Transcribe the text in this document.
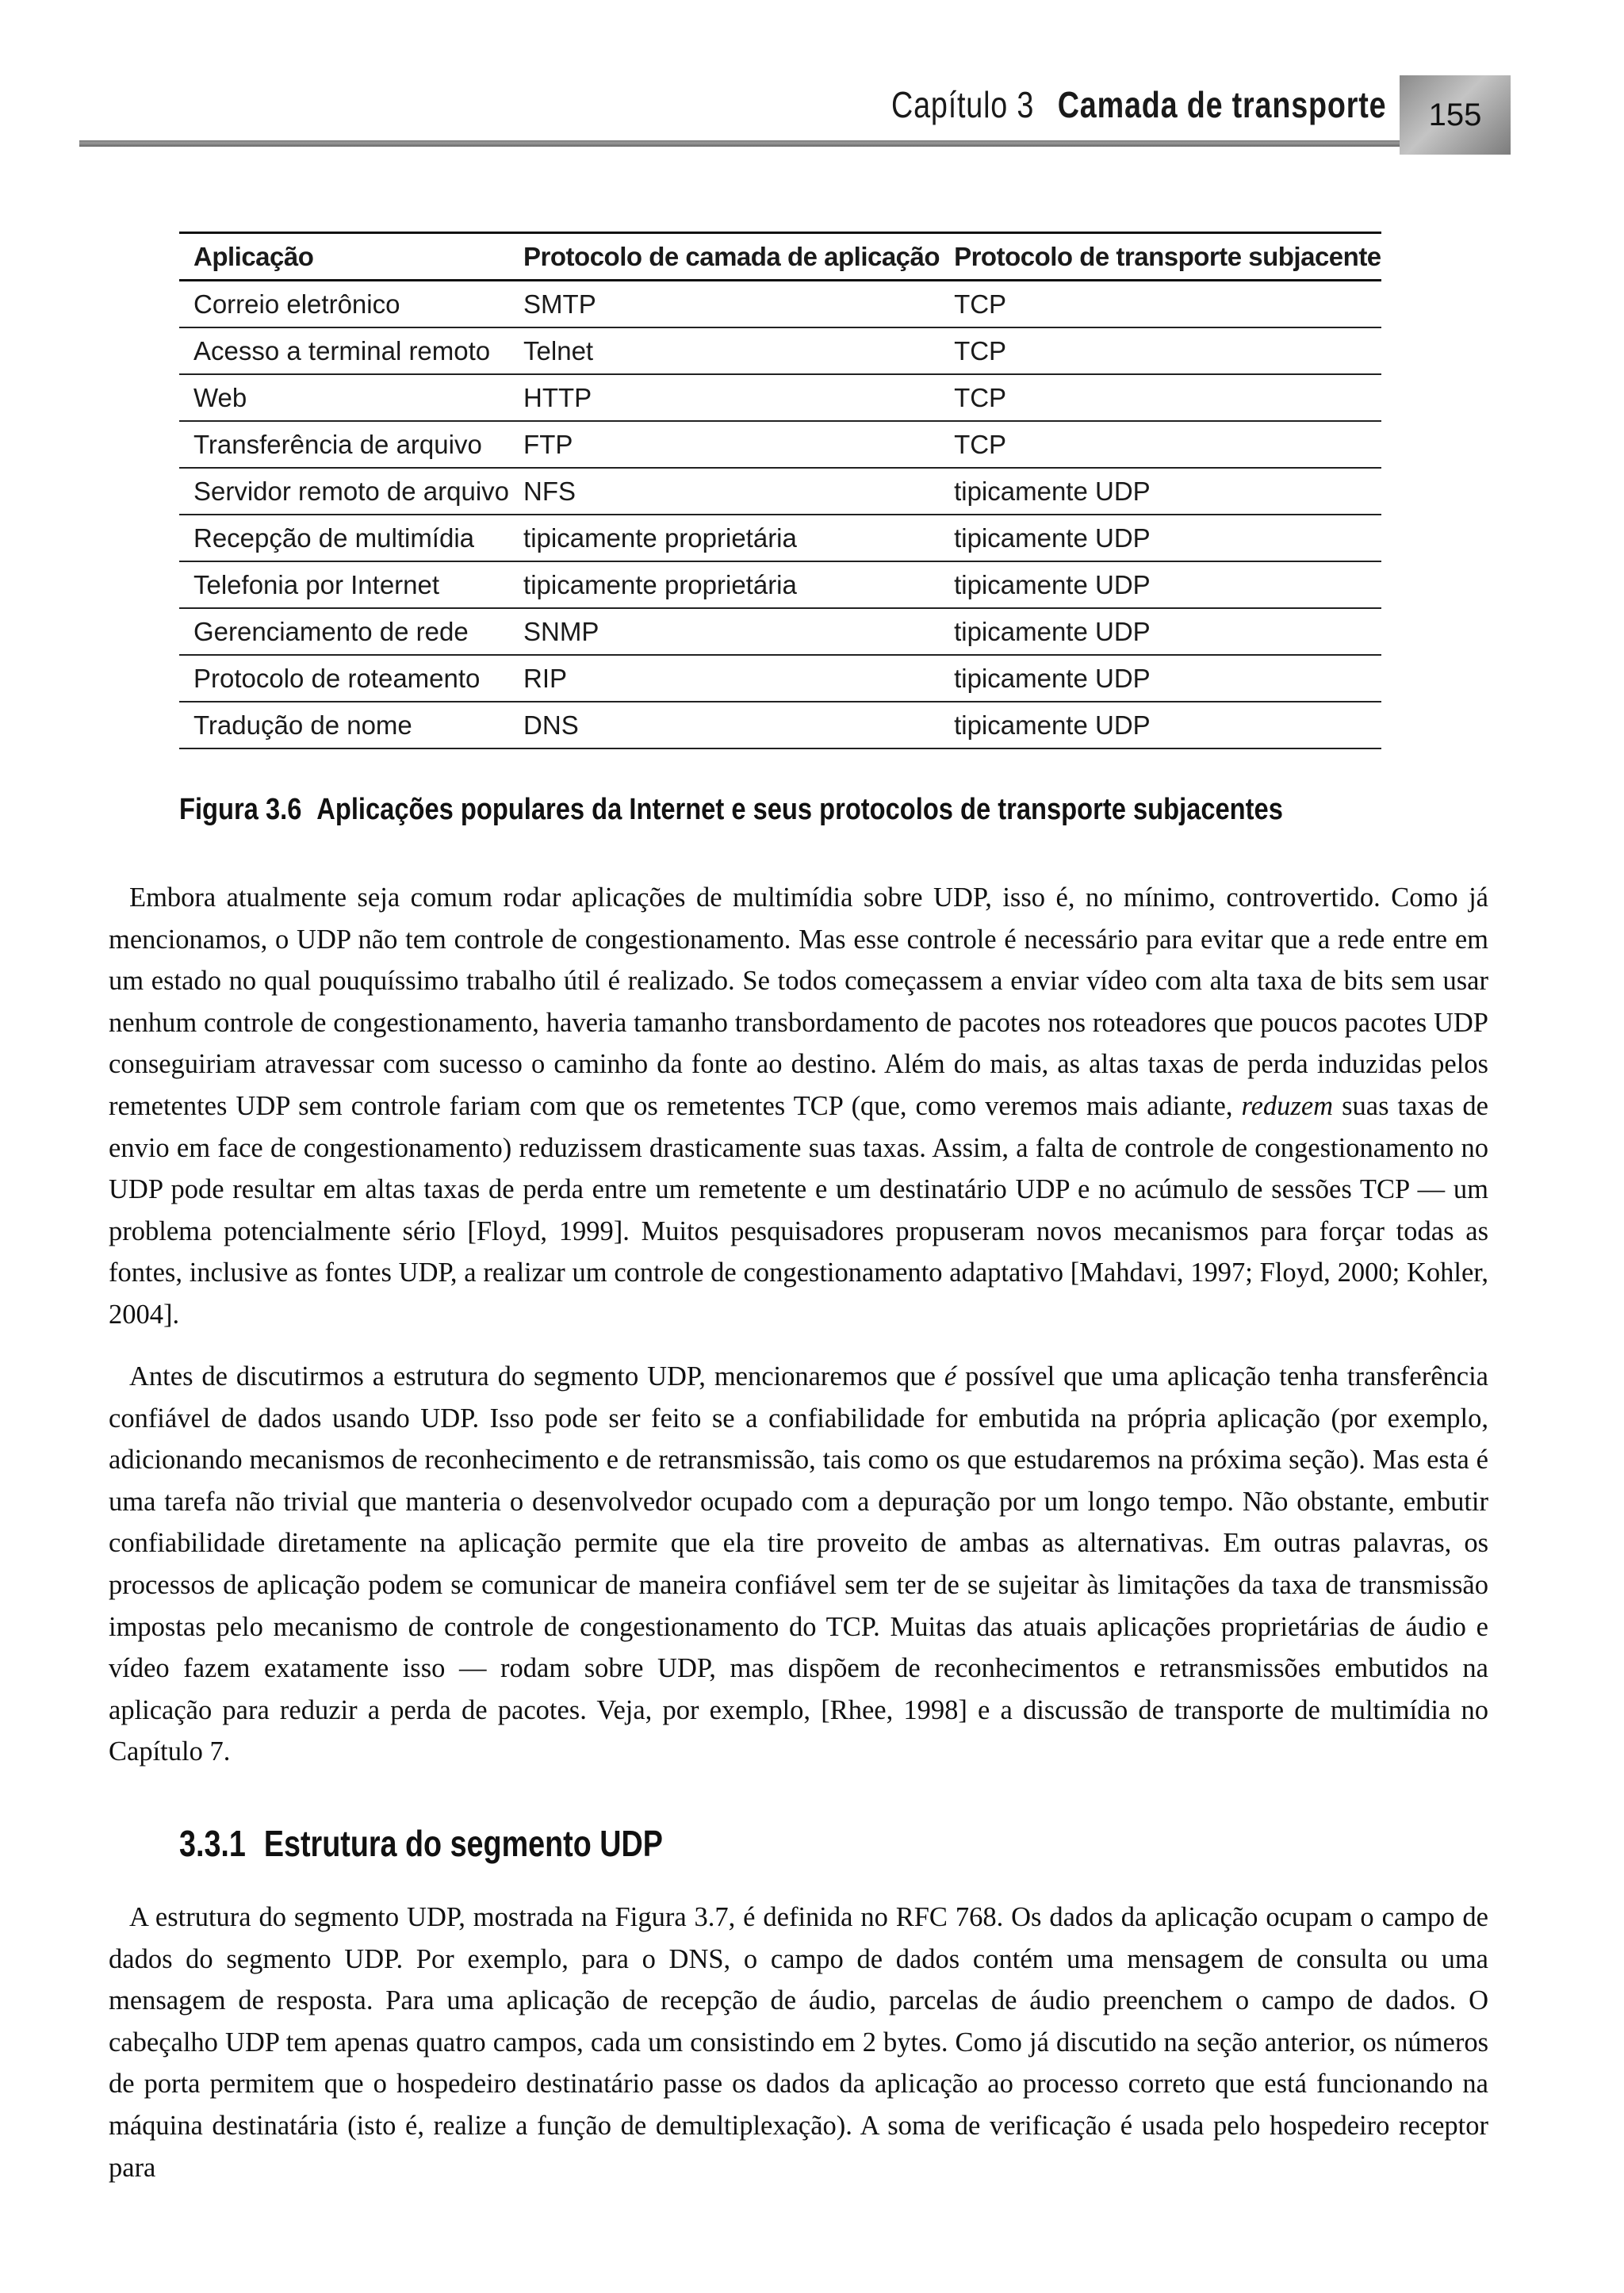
Capítulo 3 Camada de transporte	155
Aplicação	Protocolo de camada de aplicação	Protocolo de transporte subjacente
Correio eletrônico	SMTP	TCP
Acesso a terminal remoto	Telnet	TCP
Web	HTTP	TCP
Transferência de arquivo	FTP	TCP
Servidor remoto de arquivo	NFS	tipicamente UDP
Recepção de multimídia	tipicamente proprietária	tipicamente UDP
Telefonia por Internet	tipicamente proprietária	tipicamente UDP
Gerenciamento de rede	SNMP	tipicamente UDP
Protocolo de roteamento	RIP	tipicamente UDP
Tradução de nome	DNS	tipicamente UDP
Figura 3.6 Aplicações populares da Internet e seus protocolos de transporte subjacentes

Embora atualmente seja comum rodar aplicações de multimídia sobre UDP, isso é, no mínimo, controvertido. Como já mencionamos, o UDP não tem controle de congestionamento. Mas esse controle é necessário para evitar que a rede entre em um estado no qual pouquíssimo trabalho útil é realizado. Se todos começassem a enviar vídeo com alta taxa de bits sem usar nenhum controle de congestionamento, haveria tamanho transbordamento de pacotes nos roteadores que poucos pacotes UDP conseguiriam atravessar com sucesso o caminho da fonte ao destino. Além do mais, as altas taxas de perda induzidas pelos remetentes UDP sem controle fariam com que os remetentes TCP (que, como veremos mais adiante, reduzem suas taxas de envio em face de congestionamento) reduzissem drasticamente suas taxas. Assim, a falta de controle de congestionamento no UDP pode resultar em altas taxas de perda entre um remetente e um destinatário UDP e no acúmulo de sessões TCP — um problema potencialmente sério [Floyd, 1999]. Muitos pesquisadores propuseram novos mecanismos para forçar todas as fontes, inclusive as fontes UDP, a realizar um controle de congestionamento adaptativo [Mahdavi, 1997; Floyd, 2000; Kohler, 2004].

Antes de discutirmos a estrutura do segmento UDP, mencionaremos que é possível que uma aplicação tenha transferência confiável de dados usando UDP. Isso pode ser feito se a confiabilidade for embutida na própria aplicação (por exemplo, adicionando mecanismos de reconhecimento e de retransmissão, tais como os que estudaremos na próxima seção). Mas esta é uma tarefa não trivial que manteria o desenvolvedor ocupado com a depuração por um longo tempo. Não obstante, embutir confiabilidade diretamente na aplicação permite que ela tire proveito de ambas as alternativas. Em outras palavras, os processos de aplicação podem se comunicar de maneira confiável sem ter de se sujeitar às limitações da taxa de transmissão impostas pelo mecanismo de controle de congestionamento do TCP. Muitas das atuais aplicações proprietárias de áudio e vídeo fazem exatamente isso — rodam sobre UDP, mas dispõem de reconhecimentos e retransmissões embutidos na aplicação para reduzir a perda de pacotes. Veja, por exemplo, [Rhee, 1998] e a discussão de transporte de multimídia no Capítulo 7.

3.3.1 Estrutura do segmento UDP

A estrutura do segmento UDP, mostrada na Figura 3.7, é definida no RFC 768. Os dados da aplicação ocupam o campo de dados do segmento UDP. Por exemplo, para o DNS, o campo de dados contém uma mensagem de consulta ou uma mensagem de resposta. Para uma aplicação de recepção de áudio, parcelas de áudio preenchem o campo de dados. O cabeçalho UDP tem apenas quatro campos, cada um consistindo em 2 bytes. Como já discutido na seção anterior, os números de porta permitem que o hospedeiro destinatário passe os dados da aplicação ao processo correto que está funcionando na máquina destinatária (isto é, realize a função de demultiplexação). A soma de verificação é usada pelo hospedeiro receptor para
